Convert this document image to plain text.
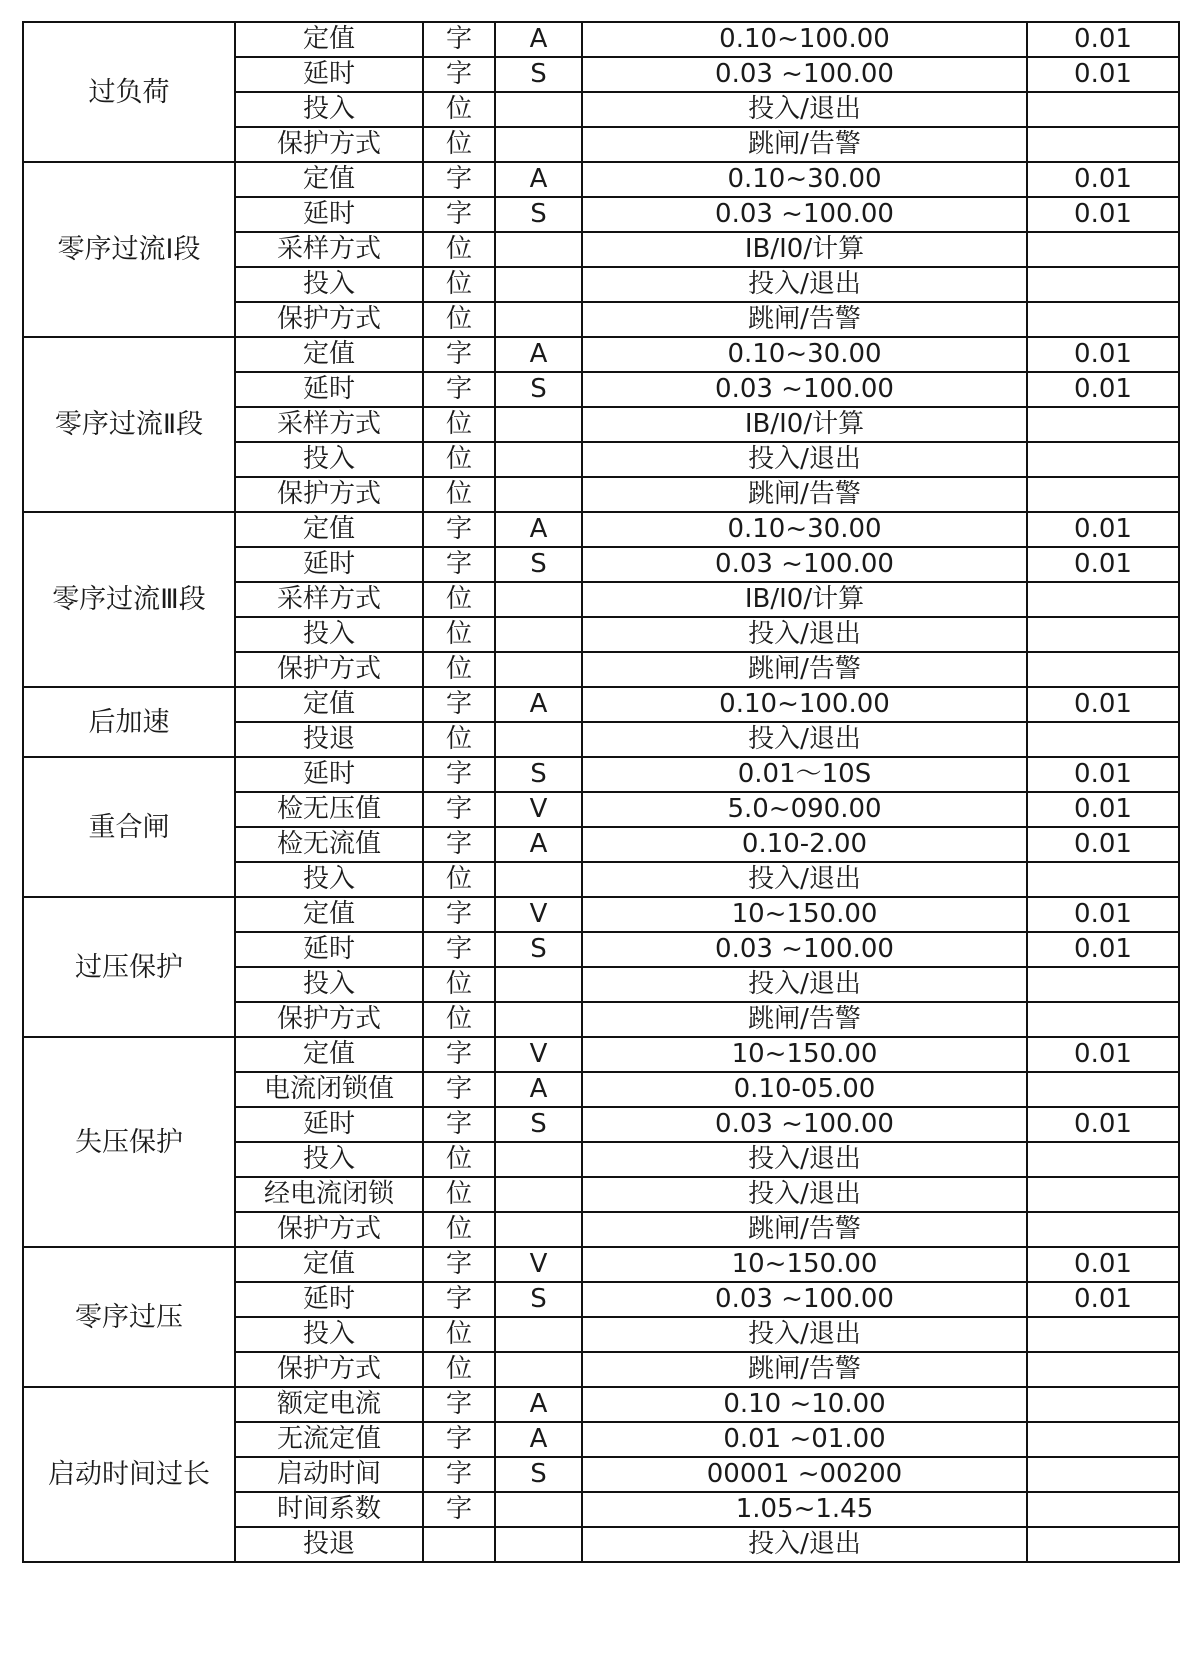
过负荷	定值	字	A	0.10~100.00	0.01
	延时	字	S	0.03 ~100.00	0.01
	投入	位		投入/退出	
	保护方式	位		跳闸/告警	
零序过流Ⅰ段	定值	字	A	0.10~30.00	0.01
	延时	字	S	0.03 ~100.00	0.01
	采样方式	位		IB/I0/计算	
	投入	位		投入/退出	
	保护方式	位		跳闸/告警	
零序过流Ⅱ段	定值	字	A	0.10~30.00	0.01
	延时	字	S	0.03 ~100.00	0.01
	采样方式	位		IB/I0/计算	
	投入	位		投入/退出	
	保护方式	位		跳闸/告警	
零序过流Ⅲ段	定值	字	A	0.10~30.00	0.01
	延时	字	S	0.03 ~100.00	0.01
	采样方式	位		IB/I0/计算	
	投入	位		投入/退出	
	保护方式	位		跳闸/告警	
后加速	定值	字	A	0.10~100.00	0.01
	投退	位		投入/退出	
重合闸	延时	字	S	0.01～10S	0.01
	检无压值	字	V	5.0~090.00	0.01
	检无流值	字	A	0.10-2.00	0.01
	投入	位		投入/退出	
过压保护	定值	字	V	10~150.00	0.01
	延时	字	S	0.03 ~100.00	0.01
	投入	位		投入/退出	
	保护方式	位		跳闸/告警	
失压保护	定值	字	V	10~150.00	0.01
	电流闭锁值	字	A	0.10-05.00	
	延时	字	S	0.03 ~100.00	0.01
	投入	位		投入/退出	
	经电流闭锁	位		投入/退出	
	保护方式	位		跳闸/告警	
零序过压	定值	字	V	10~150.00	0.01
	延时	字	S	0.03 ~100.00	0.01
	投入	位		投入/退出	
	保护方式	位		跳闸/告警	
启动时间过长	额定电流	字	A	0.10 ~10.00	
	无流定值	字	A	0.01 ~01.00	
	启动时间	字	S	00001 ~00200	
	时间系数	字		1.05~1.45	
	投退			投入/退出	
